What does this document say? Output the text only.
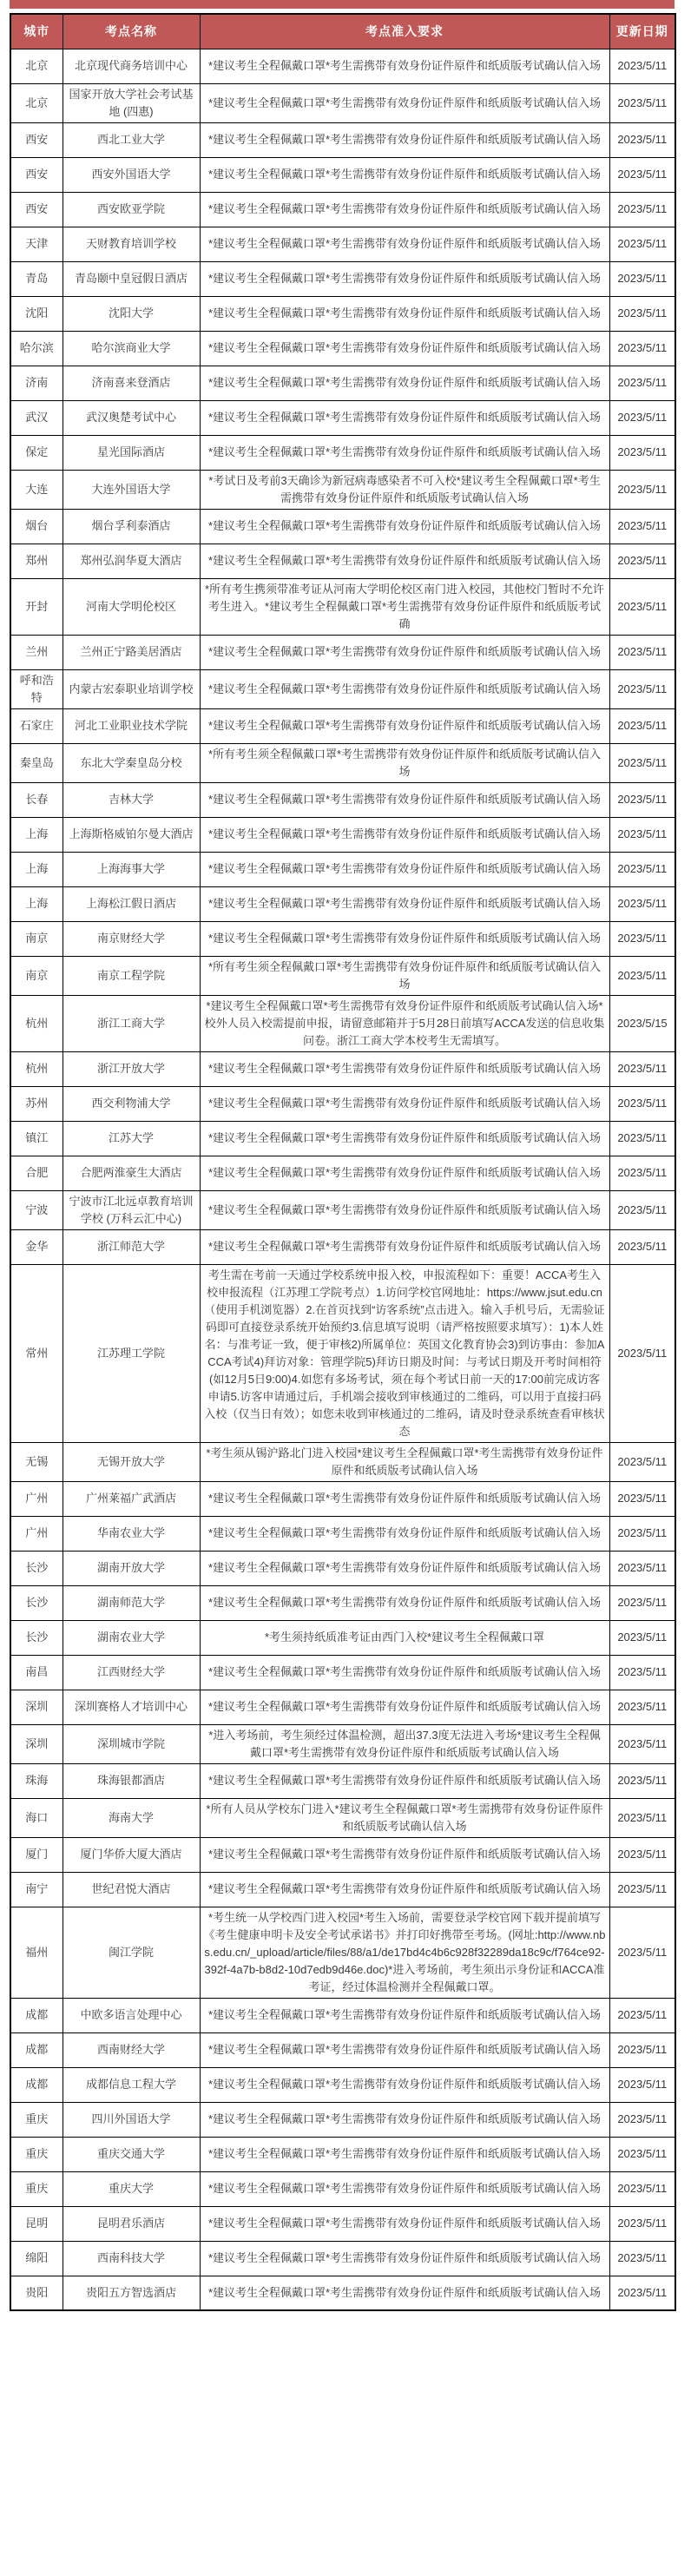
城市	考点名称	考点准入要求	更新日期
北京	北京现代商务培训中心	*建议考生全程佩戴口罩*考生需携带有效身份证件原件和纸质版考试确认信入场	2023/5/11
北京	国家开放大学社会考试基地 (四惠)	*建议考生全程佩戴口罩*考生需携带有效身份证件原件和纸质版考试确认信入场	2023/5/11
西安	西北工业大学	*建议考生全程佩戴口罩*考生需携带有效身份证件原件和纸质版考试确认信入场	2023/5/11
西安	西安外国语大学	*建议考生全程佩戴口罩*考生需携带有效身份证件原件和纸质版考试确认信入场	2023/5/11
西安	西安欧亚学院	*建议考生全程佩戴口罩*考生需携带有效身份证件原件和纸质版考试确认信入场	2023/5/11
天津	天财教育培训学校	*建议考生全程佩戴口罩*考生需携带有效身份证件原件和纸质版考试确认信入场	2023/5/11
青岛	青岛颐中皇冠假日酒店	*建议考生全程佩戴口罩*考生需携带有效身份证件原件和纸质版考试确认信入场	2023/5/11
沈阳	沈阳大学	*建议考生全程佩戴口罩*考生需携带有效身份证件原件和纸质版考试确认信入场	2023/5/11
哈尔滨	哈尔滨商业大学	*建议考生全程佩戴口罩*考生需携带有效身份证件原件和纸质版考试确认信入场	2023/5/11
济南	济南喜来登酒店	*建议考生全程佩戴口罩*考生需携带有效身份证件原件和纸质版考试确认信入场	2023/5/11
武汉	武汉奥楚考试中心	*建议考生全程佩戴口罩*考生需携带有效身份证件原件和纸质版考试确认信入场	2023/5/11
保定	星光国际酒店	*建议考生全程佩戴口罩*考生需携带有效身份证件原件和纸质版考试确认信入场	2023/5/11
大连	大连外国语大学	*考试日及考前3天确诊为新冠病毒感染者不可入校*建议考生全程佩戴口罩*考生需携带有效身份证件原件和纸质版考试确认信入场	2023/5/11
烟台	烟台孚利泰酒店	*建议考生全程佩戴口罩*考生需携带有效身份证件原件和纸质版考试确认信入场	2023/5/11
郑州	郑州弘润华夏大酒店	*建议考生全程佩戴口罩*考生需携带有效身份证件原件和纸质版考试确认信入场	2023/5/11
开封	河南大学明伦校区	*所有考生携须带准考证从河南大学明伦校区南门进入校园，其他校门暂时不允许考生进入。*建议考生全程佩戴口罩*考生需携带有效身份证件原件和纸质版考试确	2023/5/11
兰州	兰州正宁路美居酒店	*建议考生全程佩戴口罩*考生需携带有效身份证件原件和纸质版考试确认信入场	2023/5/11
呼和浩特	内蒙古宏泰职业培训学校	*建议考生全程佩戴口罩*考生需携带有效身份证件原件和纸质版考试确认信入场	2023/5/11
石家庄	河北工业职业技术学院	*建议考生全程佩戴口罩*考生需携带有效身份证件原件和纸质版考试确认信入场	2023/5/11
秦皇岛	东北大学秦皇岛分校	*所有考生须全程佩戴口罩*考生需携带有效身份证件原件和纸质版考试确认信入场	2023/5/11
长春	吉林大学	*建议考生全程佩戴口罩*考生需携带有效身份证件原件和纸质版考试确认信入场	2023/5/11
上海	上海斯格威铂尔曼大酒店	*建议考生全程佩戴口罩*考生需携带有效身份证件原件和纸质版考试确认信入场	2023/5/11
上海	上海海事大学	*建议考生全程佩戴口罩*考生需携带有效身份证件原件和纸质版考试确认信入场	2023/5/11
上海	上海松江假日酒店	*建议考生全程佩戴口罩*考生需携带有效身份证件原件和纸质版考试确认信入场	2023/5/11
南京	南京财经大学	*建议考生全程佩戴口罩*考生需携带有效身份证件原件和纸质版考试确认信入场	2023/5/11
南京	南京工程学院	*所有考生须全程佩戴口罩*考生需携带有效身份证件原件和纸质版考试确认信入场	2023/5/11
杭州	浙江工商大学	*建议考生全程佩戴口罩*考生需携带有效身份证件原件和纸质版考试确认信入场*校外人员入校需提前申报，请留意邮箱并于5月28日前填写ACCA发送的信息收集问卷。浙江工商大学本校考生无需填写。	2023/5/15
杭州	浙江开放大学	*建议考生全程佩戴口罩*考生需携带有效身份证件原件和纸质版考试确认信入场	2023/5/11
苏州	西交利物浦大学	*建议考生全程佩戴口罩*考生需携带有效身份证件原件和纸质版考试确认信入场	2023/5/11
镇江	江苏大学	*建议考生全程佩戴口罩*考生需携带有效身份证件原件和纸质版考试确认信入场	2023/5/11
合肥	合肥两淮豪生大酒店	*建议考生全程佩戴口罩*考生需携带有效身份证件原件和纸质版考试确认信入场	2023/5/11
宁波	宁波市江北远卓教育培训学校 (万科云汇中心)	*建议考生全程佩戴口罩*考生需携带有效身份证件原件和纸质版考试确认信入场	2023/5/11
金华	浙江师范大学	*建议考生全程佩戴口罩*考生需携带有效身份证件原件和纸质版考试确认信入场	2023/5/11
常州	江苏理工学院	考生需在考前一天通过学校系统申报入校，申报流程如下：重要！ACCA考生入校申报流程（江苏理工学院考点）1.访问学校官网地址：https://www.jsut.edu.cn（使用手机浏览器）2.在首页找到“访客系统”点击进入。输入手机号后，无需验证码即可直接登录系统开始预约3.信息填写说明（请严格按照要求填写）：1)本人姓名：与准考证一致，便于审核2)所属单位：英国文化教育协会3)到访事由：参加ACCA考试4)拜访对象：管理学院5)拜访日期及时间：与考试日期及开考时间相符(如12月5日9:00)4.如您有多场考试，须在每个考试日前一天的17:00前完成访客申请5.访客申请通过后，手机端会接收到审核通过的二维码，可以用于直接扫码入校（仅当日有效）；如您未收到审核通过的二维码，请及时登录系统查看审核状态	2023/5/11
无锡	无锡开放大学	*考生须从锡沪路北门进入校园*建议考生全程佩戴口罩*考生需携带有效身份证件原件和纸质版考试确认信入场	2023/5/11
广州	广州莱福广武酒店	*建议考生全程佩戴口罩*考生需携带有效身份证件原件和纸质版考试确认信入场	2023/5/11
广州	华南农业大学	*建议考生全程佩戴口罩*考生需携带有效身份证件原件和纸质版考试确认信入场	2023/5/11
长沙	湖南开放大学	*建议考生全程佩戴口罩*考生需携带有效身份证件原件和纸质版考试确认信入场	2023/5/11
长沙	湖南师范大学	*建议考生全程佩戴口罩*考生需携带有效身份证件原件和纸质版考试确认信入场	2023/5/11
长沙	湖南农业大学	*考生须持纸质准考证由西门入校*建议考生全程佩戴口罩	2023/5/11
南昌	江西财经大学	*建议考生全程佩戴口罩*考生需携带有效身份证件原件和纸质版考试确认信入场	2023/5/11
深圳	深圳赛格人才培训中心	*建议考生全程佩戴口罩*考生需携带有效身份证件原件和纸质版考试确认信入场	2023/5/11
深圳	深圳城市学院	*进入考场前，考生须经过体温检测，超出37.3度无法进入考场*建议考生全程佩戴口罩*考生需携带有效身份证件原件和纸质版考试确认信入场	2023/5/11
珠海	珠海银都酒店	*建议考生全程佩戴口罩*考生需携带有效身份证件原件和纸质版考试确认信入场	2023/5/11
海口	海南大学	*所有人员从学校东门进入*建议考生全程佩戴口罩*考生需携带有效身份证件原件和纸质版考试确认信入场	2023/5/11
厦门	厦门华侨大厦大酒店	*建议考生全程佩戴口罩*考生需携带有效身份证件原件和纸质版考试确认信入场	2023/5/11
南宁	世纪君悦大酒店	*建议考生全程佩戴口罩*考生需携带有效身份证件原件和纸质版考试确认信入场	2023/5/11
福州	闽江学院	*考生统一从学校西门进入校园*考生入场前，需要登录学校官网下载并提前填写《考生健康申明卡及安全考试承诺书》并打印好携带至考场。(网址:http://www.nbs.edu.cn/_upload/article/files/88/a1/de17bd4c4b6c928f32289da18c9c/f764ce92-392f-4a7b-b8d2-10d7edb9d46e.doc)*进入考场前，考生须出示身份证和ACCA准考证，经过体温检测并全程佩戴口罩。	2023/5/11
成都	中欧多语言处理中心	*建议考生全程佩戴口罩*考生需携带有效身份证件原件和纸质版考试确认信入场	2023/5/11
成都	西南财经大学	*建议考生全程佩戴口罩*考生需携带有效身份证件原件和纸质版考试确认信入场	2023/5/11
成都	成都信息工程大学	*建议考生全程佩戴口罩*考生需携带有效身份证件原件和纸质版考试确认信入场	2023/5/11
重庆	四川外国语大学	*建议考生全程佩戴口罩*考生需携带有效身份证件原件和纸质版考试确认信入场	2023/5/11
重庆	重庆交通大学	*建议考生全程佩戴口罩*考生需携带有效身份证件原件和纸质版考试确认信入场	2023/5/11
重庆	重庆大学	*建议考生全程佩戴口罩*考生需携带有效身份证件原件和纸质版考试确认信入场	2023/5/11
昆明	昆明君乐酒店	*建议考生全程佩戴口罩*考生需携带有效身份证件原件和纸质版考试确认信入场	2023/5/11
绵阳	西南科技大学	*建议考生全程佩戴口罩*考生需携带有效身份证件原件和纸质版考试确认信入场	2023/5/11
贵阳	贵阳五方智选酒店	*建议考生全程佩戴口罩*考生需携带有效身份证件原件和纸质版考试确认信入场	2023/5/11
